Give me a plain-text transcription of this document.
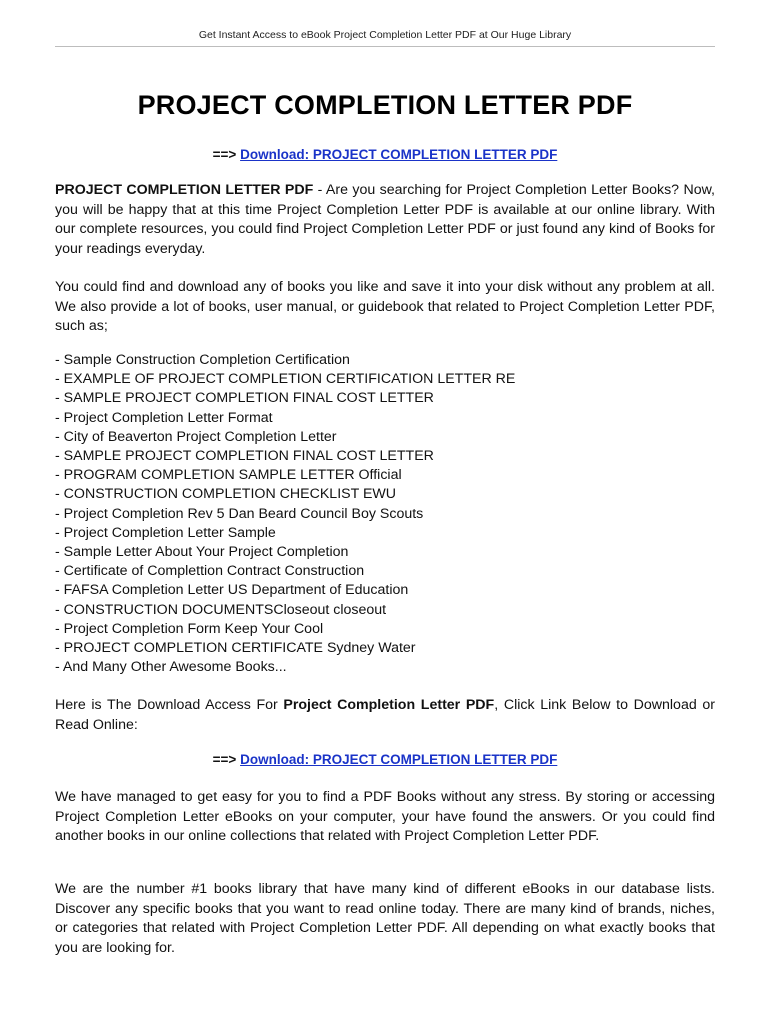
Get Instant Access to eBook Project Completion Letter PDF at Our Huge Library
PROJECT COMPLETION LETTER PDF
==> Download: PROJECT COMPLETION LETTER PDF

PROJECT COMPLETION LETTER PDF - Are you searching for Project Completion Letter Books? Now, you will be happy that at this time Project Completion Letter PDF is available at our online library. With our complete resources, you could find Project Completion Letter PDF or just found any kind of Books for your readings everyday.

You could find and download any of books you like and save it into your disk without any problem at all. We also provide a lot of books, user manual, or guidebook that related to Project Completion Letter PDF, such as;

- Sample Construction Completion Certification
- EXAMPLE OF PROJECT COMPLETION CERTIFICATION LETTER RE
- SAMPLE PROJECT COMPLETION FINAL COST LETTER
- Project Completion Letter Format
- City of Beaverton Project Completion Letter
- SAMPLE PROJECT COMPLETION FINAL COST LETTER
- PROGRAM COMPLETION SAMPLE LETTER Official
- CONSTRUCTION COMPLETION CHECKLIST EWU
- Project Completion Rev 5 Dan Beard Council Boy Scouts
- Project Completion Letter Sample
- Sample Letter About Your Project Completion
- Certificate of Complettion Contract Construction
- FAFSA Completion Letter US Department of Education
- CONSTRUCTION DOCUMENTSCloseout closeout
- Project Completion Form Keep Your Cool
- PROJECT COMPLETION CERTIFICATE Sydney Water
- And Many Other Awesome Books...

Here is The Download Access For Project Completion Letter PDF, Click Link Below to Download or Read Online:

==> Download: PROJECT COMPLETION LETTER PDF

We have managed to get easy for you to find a PDF Books without any stress. By storing or accessing Project Completion Letter eBooks on your computer, your have found the answers. Or you could find another books in our online collections that related with Project Completion Letter PDF.

We are the number #1 books library that have many kind of different eBooks in our database lists. Discover any specific books that you want to read online today. There are many kind of brands, niches, or categories that related with Project Completion Letter PDF. All depending on what exactly books that you are looking for.
